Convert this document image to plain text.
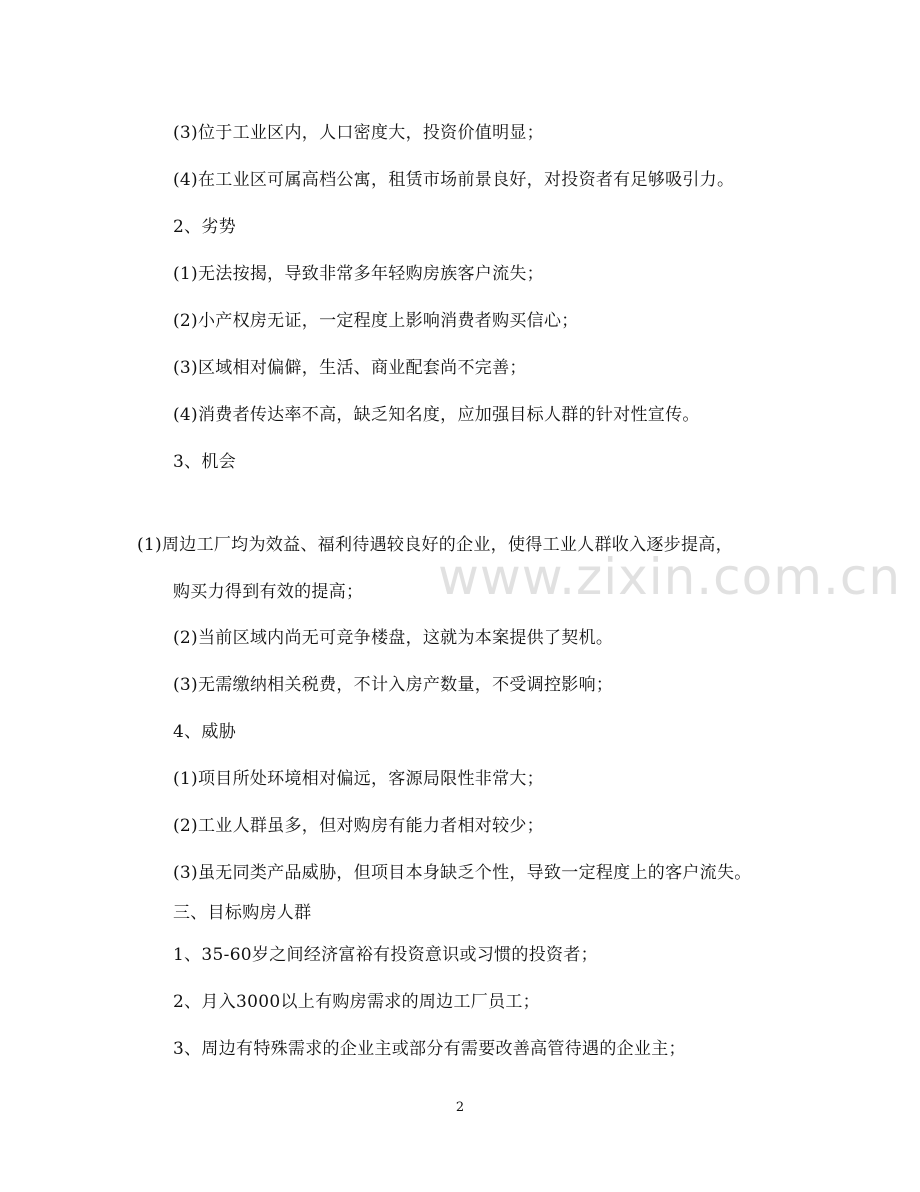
(3)位于工业区内，人口密度大，投资价值明显；
(4)在工业区可属高档公寓，租赁市场前景良好，对投资者有足够吸引力。
2、劣势
(1)无法按揭，导致非常多年轻购房族客户流失；
(2)小产权房无证，一定程度上影响消费者购买信心；
(3)区域相对偏僻，生活、商业配套尚不完善；
(4)消费者传达率不高，缺乏知名度，应加强目标人群的针对性宣传。
3、机会
(1)周边工厂均为效益、福利待遇较良好的企业，使得工业人群收入逐步提高，
购买力得到有效的提高；
(2)当前区域内尚无可竞争楼盘，这就为本案提供了契机。
(3)无需缴纳相关税费，不计入房产数量，不受调控影响；
4、威胁
(1)项目所处环境相对偏远，客源局限性非常大；
(2)工业人群虽多，但对购房有能力者相对较少；
(3)虽无同类产品威胁，但项目本身缺乏个性，导致一定程度上的客户流失。
三、目标购房人群
1、35-60岁之间经济富裕有投资意识或习惯的投资者；
2、月入3000以上有购房需求的周边工厂员工；
3、周边有特殊需求的企业主或部分有需要改善高管待遇的企业主；
www.zixin.com.cn
2
